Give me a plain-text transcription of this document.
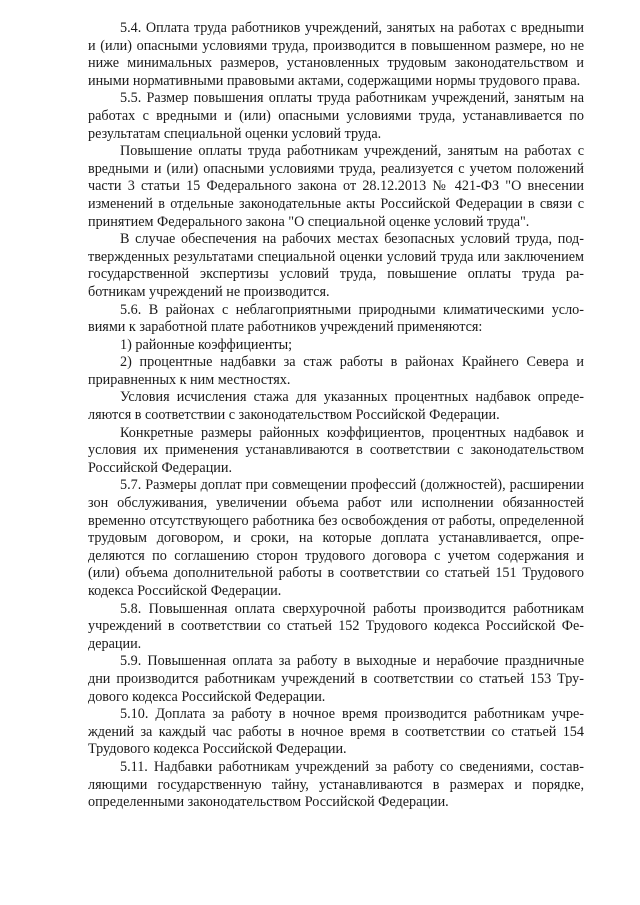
5.4. Оплата труда работников учреждений, занятых на работах с вредныmи и (или) опасными условиями труда, производится в повышенном размере, но не ниже минимальных размеров, установленных трудовым законодательством и иными нормативными правовыми актами, содержащими нормы трудового права.

5.5. Размер повышения оплаты труда работникам учреждений, занятым на работах с вредными и (или) опасными условиями труда, устанавливается по результатам специальной оценки условий труда.

Повышение оплаты труда работникам учреждений, занятым на работах с вредными и (или) опасными условиями труда, реализуется с учетом положений части 3 статьи 15 Федерального закона от 28.12.2013 № 421-ФЗ "О внесении изменений в отдельные законодательные акты Российской Федерации в связи с принятием Федерального закона "О специальной оценке условий труда".

В случае обеспечения на рабочих местах безопасных условий труда, подтвержденных результатами специальной оценки условий труда или заключением государственной экспертизы условий труда, повышение оплаты труда работникам учреждений не производится.

5.6. В районах с неблагоприятными природными климатическими условиями к заработной плате работников учреждений применяются:

1) районные коэффициенты;

2) процентные надбавки за стаж работы в районах Крайнего Севера и приравненных к ним местностях.

Условия исчисления стажа для указанных процентных надбавок определяются в соответствии с законодательством Российской Федерации.

Конкретные размеры районных коэффициентов, процентных надбавок и условия их применения устанавливаются в соответствии с законодательством Российской Федерации.

5.7. Размеры доплат при совмещении профессий (должностей), расширении зон обслуживания, увеличении объема работ или исполнении обязанностей временно отсутствующего работника без освобождения от работы, определенной трудовым договором, и сроки, на которые доплата устанавливается, определяются по соглашению сторон трудового договора с учетом содержания и (или) объема дополнительной работы в соответствии со статьей 151 Трудового кодекса Российской Федерации.

5.8. Повышенная оплата сверхурочной работы производится работникам учреждений в соответствии со статьей 152 Трудового кодекса Российской Федерации.

5.9. Повышенная оплата за работу в выходные и нерабочие праздничные дни производится работникам учреждений в соответствии со статьей 153 Трудового кодекса Российской Федерации.

5.10. Доплата за работу в ночное время производится работникам учреждений за каждый час работы в ночное время в соответствии со статьей 154 Трудового кодекса Российской Федерации.

5.11. Надбавки работникам учреждений за работу со сведениями, составляющими государственную тайну, устанавливаются в размерах и порядке, определенными законодательством Российской Федерации.
